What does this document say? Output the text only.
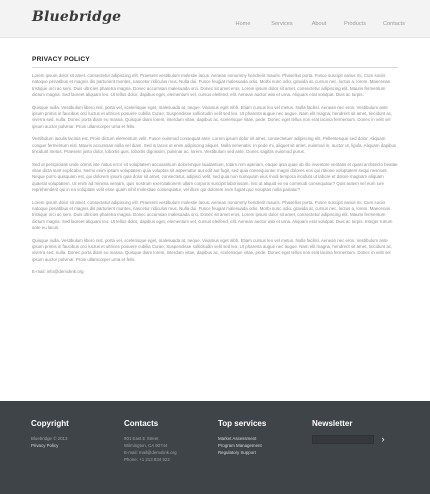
Bluebridge	Home	Services	About	Products	Contacts
PRIVACY POLICY

Lorem ipsum dolor sit amet, consectetur adipiscing elit. Praesent vestibulum molestie lacus. Aenean nonummy hendrerit mauris. Phasellus porta. Fusce suscipit varius mi. Cum sociis natoque penatibus et magnis dis parturient montes, nascetur ridiculus mus. Nulla dui. Fusce feugiat malesuada odio. Morbi nunc odio, gravida at, cursus nec, luctus a, lorem. Maecenas tristique orci ac sem. Duis ultricies pharetra magna. Donec accumsan malesuada orci. Donec sit amet eros. Lorem ipsum dolor sit amet, consectetur adipiscing elit. Mauris fermentum dictum magna. Sed laoreet aliquam leo. Ut tellus dolor, dapibus eget, elementum vel, cursus eleifend, elit. Aenean auctor wisi et urna. Aliquam erat volutpat. Duis ac turpis.

Quisque nulla. Vestibulum libero nisl, porta vel, scelerisque eget, malesuada at, neque. Vivamus eget nibh. Etiam cursus leo vel metus. Nulla facilisi. Aenean nec eros. Vestibulum ante ipsum primis in faucibus orci luctus et ultrices posuere cubilia Curae; Suspendisse sollicitudin velit sed leo. Ut pharetra augue nec augue. Nam elit magna, hendrerit sit amet, tincidunt ac, viverra sed, nulla. Donec porta diam eu massa. Quisque diam lorem, interdum vitae, dapibus ac, scelerisque vitae, pede. Donec eget tellus non erat lacinia fermentum. Donec in velit vel ipsum auctor pulvinar. Proin ullamcorper urna et felis.

Vestibulum iaculis lacinia est. Proin dictum elementum velit. Fusce euismod consequat ante. Lorem ipsum dolor sit amet, consectetuer adipiscing elit. Pellentesque sed dolor. Aliquam congue fermentum nisl. Mauris accumsan nulla vel diam. Sed in lacus ut enim adipiscing aliquet. Nulla venenatis. In pede mi, aliquet sit amet, euismod in, auctor ut, ligula. Aliquam dapibus tincidunt metus. Praesent justo dolor, lobortis quis, lobortis dignissim, pulvinar ac, lorem. Vestibulum sed ante. Donec sagittis euismod purus.

Sed ut perspiciatis unde omnis iste natus error sit voluptatem accusantium doloremque laudantium, totam rem aperiam, eaque ipsa quae ab illo inventore veritatis et quasi architecto beatae vitae dicta sunt explicabo. Nemo enim ipsam voluptatem quia voluptas sit aspernatur aut odit aut fugit, sed quia consequuntur magni dolores eos qui ratione voluptatem sequi nesciunt. Neque porro quisquam est, qui dolorem ipsum quia dolor sit amet, consectetur, adipisci velit, sed quia non numquam eius modi tempora incidunt ut labore et dolore magnam aliquam quaerat voluptatem. Ut enim ad minima veniam, quis nostrum exercitationem ullam corporis suscipit laboriosam, nisi ut aliquid ex ea commodi consequatur? Quis autem vel eum iure reprehenderit qui in ea voluptate velit esse quam nihil molestiae consequatur, vel illum qui dolorem eum fugiat quo voluptas nulla pariatur?

Lorem ipsum dolor sit amet, consectetur adipiscing elit. Praesent vestibulum molestie lacus. Aenean nonummy hendrerit mauris. Phasellus porta. Fusce suscipit varius mi. Cum sociis natoque penatibus et magnis dis parturient montes, nascetur ridiculus mus. Nulla dui. Fusce feugiat malesuada odio. Morbi nunc odio, gravida at, cursus nec, luctus a, lorem. Maecenas tristique orci ac sem. Duis ultricies pharetra magna. Donec accumsan malesuada orci. Donec sit amet eros. Lorem ipsum dolor sit amet, consectetur adipiscing elit. Mauris fermentum dictum magna. Sed laoreet aliquam leo. Ut tellus dolor, dapibus eget, elementum vel, cursus eleifend, elit. Aenean auctor wisi et urna. Aliquam erat volutpat. Duis ac turpis. Integer rutrum ante eu lacus.

Quisque nulla. Vestibulum libero nisl, porta vel, scelerisque eget, malesuada at, neque. Vivamus eget nibh. Etiam cursus leo vel metus. Nulla facilisi. Aenean nec eros. Vestibulum ante ipsum primis in faucibus orci luctus et ultrices posuere cubilia Curae; Suspendisse sollicitudin velit sed leo. Ut pharetra augue nec augue. Nam elit magna, hendrerit sit amet, tincidunt ac, viverra sed, nulla. Donec porta diam eu massa. Quisque diam lorem, interdum vitae, dapibus ac, scelerisque vitae, pede. Donec eget tellus non erat lacinia fermentum. Donec in velit vel ipsum auctor pulvinar. Proin ullamcorper urna et felis.

E-mail: info@demolink.org

Copyright
Bluebridge © 2013
Privacy Policy
Contacts
901 East E Street
Wilmington, CA 90744
E-mail: mail@demolink.org
Phone: +1 213 834 522
Top services
Market Assessment
Program Management
Regulatory Support
Newsletter
›
